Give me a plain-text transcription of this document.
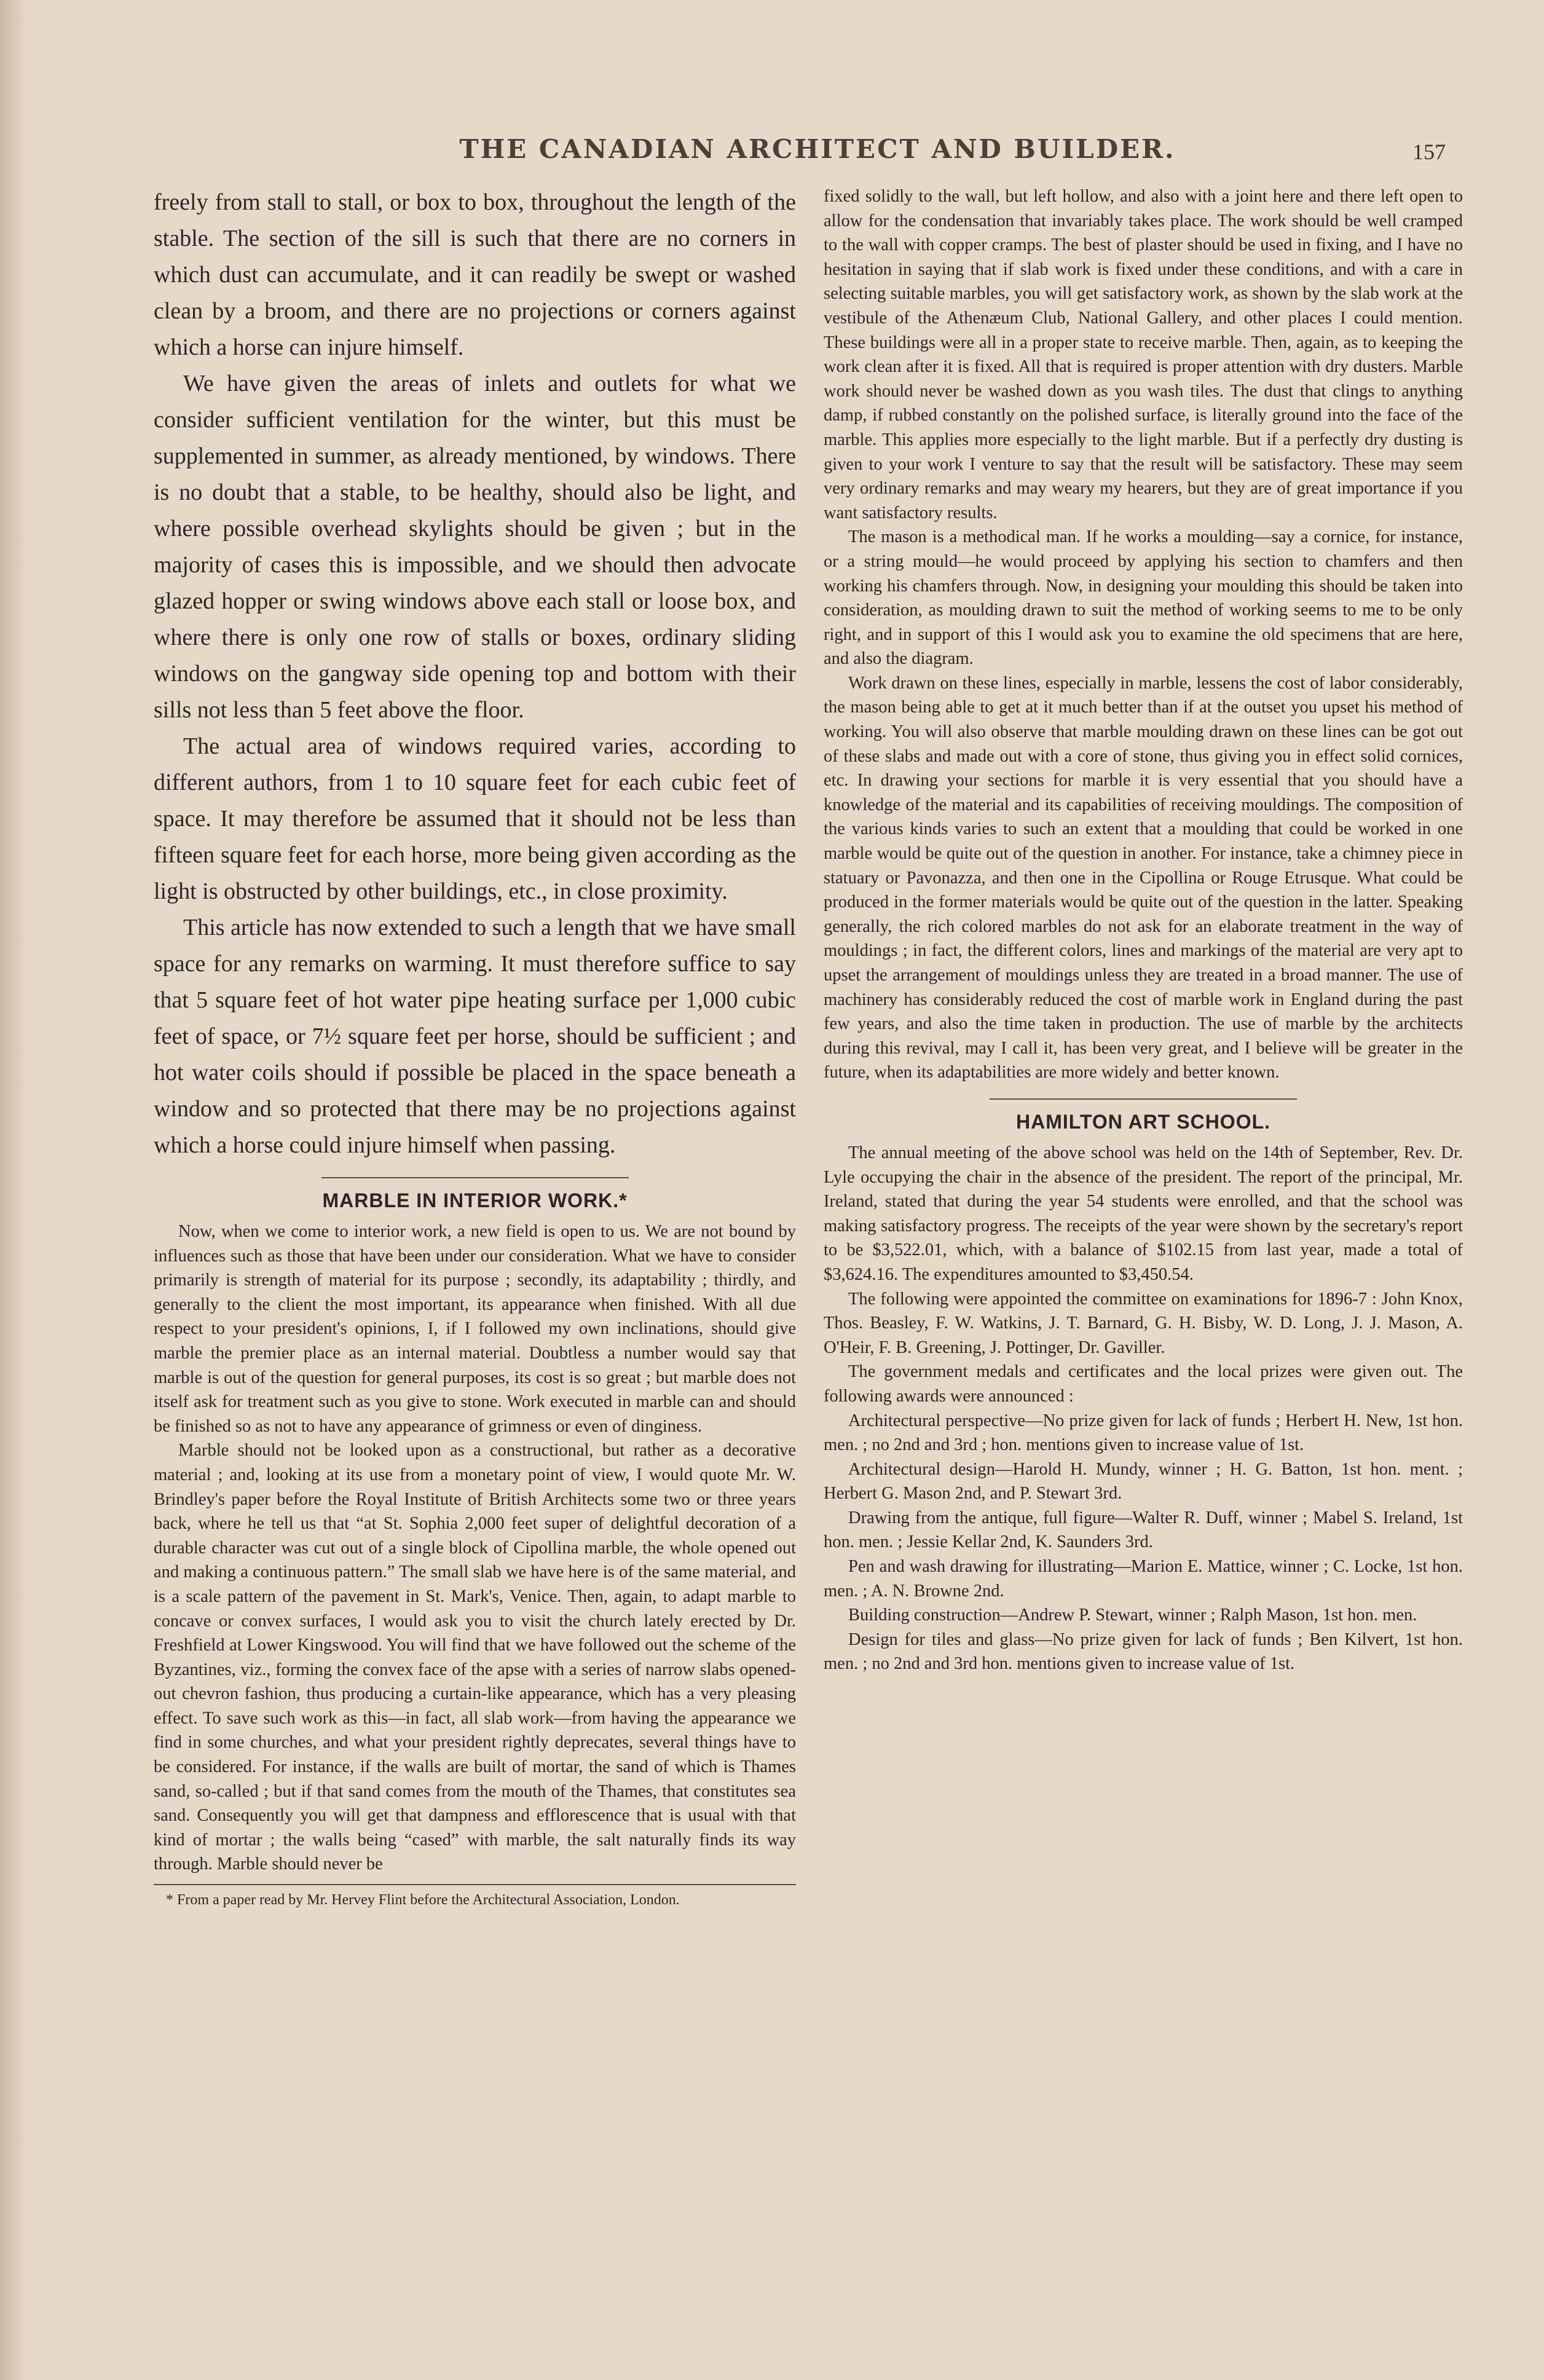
THE CANADIAN ARCHITECT AND BUILDER.	157

freely from stall to stall, or box to box, throughout the length of the stable. The section of the sill is such that there are no corners in which dust can accumulate, and it can readily be swept or washed clean by a broom, and there are no projections or corners against which a horse can injure himself.

We have given the areas of inlets and outlets for what we consider sufficient ventilation for the winter, but this must be supplemented in summer, as already mentioned, by windows. There is no doubt that a stable, to be healthy, should also be light, and where possible overhead skylights should be given ; but in the majority of cases this is impossible, and we should then advocate glazed hopper or swing windows above each stall or loose box, and where there is only one row of stalls or boxes, ordinary sliding windows on the gangway side opening top and bottom with their sills not less than 5 feet above the floor.

The actual area of windows required varies, according to different authors, from 1 to 10 square feet for each cubic feet of space. It may therefore be assumed that it should not be less than fifteen square feet for each horse, more being given according as the light is obstructed by other buildings, etc., in close proximity.

This article has now extended to such a length that we have small space for any remarks on warming. It must therefore suffice to say that 5 square feet of hot water pipe heating surface per 1,000 cubic feet of space, or 7½ square feet per horse, should be sufficient ; and hot water coils should if possible be placed in the space beneath a window and so protected that there may be no projections against which a horse could injure himself when passing.

MARBLE IN INTERIOR WORK.*

Now, when we come to interior work, a new field is open to us. We are not bound by influences such as those that have been under our consideration. What we have to consider primarily is strength of material for its purpose ; secondly, its adaptability ; thirdly, and generally to the client the most important, its appearance when finished. With all due respect to your president's opinions, I, if I followed my own inclinations, should give marble the premier place as an internal material. Doubtless a number would say that marble is out of the question for general purposes, its cost is so great ; but marble does not itself ask for treatment such as you give to stone. Work executed in marble can and should be finished so as not to have any appearance of grimness or even of dinginess.

Marble should not be looked upon as a constructional, but rather as a decorative material ; and, looking at its use from a monetary point of view, I would quote Mr. W. Brindley's paper before the Royal Institute of British Architects some two or three years back, where he tell us that “at St. Sophia 2,000 feet super of delightful decoration of a durable character was cut out of a single block of Cipollina marble, the whole opened out and making a continuous pattern.” The small slab we have here is of the same material, and is a scale pattern of the pavement in St. Mark's, Venice. Then, again, to adapt marble to concave or convex surfaces, I would ask you to visit the church lately erected by Dr. Freshfield at Lower Kingswood. You will find that we have followed out the scheme of the Byzantines, viz., forming the convex face of the apse with a series of narrow slabs opened-out chevron fashion, thus producing a curtain-like appearance, which has a very pleasing effect. To save such work as this—in fact, all slab work—from having the appearance we find in some churches, and what your president rightly deprecates, several things have to be considered. For instance, if the walls are built of mortar, the sand of which is Thames sand, so-called ; but if that sand comes from the mouth of the Thames, that constitutes sea sand. Consequently you will get that dampness and efflorescence that is usual with that kind of mortar ; the walls being “cased” with marble, the salt naturally finds its way through. Marble should never be

* From a paper read by Mr. Hervey Flint before the Architectural Association, London.

fixed solidly to the wall, but left hollow, and also with a joint here and there left open to allow for the condensation that invariably takes place. The work should be well cramped to the wall with copper cramps. The best of plaster should be used in fixing, and I have no hesitation in saying that if slab work is fixed under these conditions, and with a care in selecting suitable marbles, you will get satisfactory work, as shown by the slab work at the vestibule of the Athenæum Club, National Gallery, and other places I could mention. These buildings were all in a proper state to receive marble. Then, again, as to keeping the work clean after it is fixed. All that is required is proper attention with dry dusters. Marble work should never be washed down as you wash tiles. The dust that clings to anything damp, if rubbed constantly on the polished surface, is literally ground into the face of the marble. This applies more especially to the light marble. But if a perfectly dry dusting is given to your work I venture to say that the result will be satisfactory. These may seem very ordinary remarks and may weary my hearers, but they are of great importance if you want satisfactory results.

The mason is a methodical man. If he works a moulding—say a cornice, for instance, or a string mould—he would proceed by applying his section to chamfers and then working his chamfers through. Now, in designing your moulding this should be taken into consideration, as moulding drawn to suit the method of working seems to me to be only right, and in support of this I would ask you to examine the old specimens that are here, and also the diagram.

Work drawn on these lines, especially in marble, lessens the cost of labor considerably, the mason being able to get at it much better than if at the outset you upset his method of working. You will also observe that marble moulding drawn on these lines can be got out of these slabs and made out with a core of stone, thus giving you in effect solid cornices, etc. In drawing your sections for marble it is very essential that you should have a knowledge of the material and its capabilities of receiving mouldings. The composition of the various kinds varies to such an extent that a moulding that could be worked in one marble would be quite out of the question in another. For instance, take a chimney piece in statuary or Pavonazza, and then one in the Cipollina or Rouge Etrusque. What could be produced in the former materials would be quite out of the question in the latter. Speaking generally, the rich colored marbles do not ask for an elaborate treatment in the way of mouldings ; in fact, the different colors, lines and markings of the material are very apt to upset the arrangement of mouldings unless they are treated in a broad manner. The use of machinery has considerably reduced the cost of marble work in England during the past few years, and also the time taken in production. The use of marble by the architects during this revival, may I call it, has been very great, and I believe will be greater in the future, when its adaptabilities are more widely and better known.

HAMILTON ART SCHOOL.

The annual meeting of the above school was held on the 14th of September, Rev. Dr. Lyle occupying the chair in the absence of the president. The report of the principal, Mr. Ireland, stated that during the year 54 students were enrolled, and that the school was making satisfactory progress. The receipts of the year were shown by the secretary's report to be $3,522.01, which, with a balance of $102.15 from last year, made a total of $3,624.16. The expenditures amounted to $3,450.54.

The following were appointed the committee on examinations for 1896-7 : John Knox, Thos. Beasley, F. W. Watkins, J. T. Barnard, G. H. Bisby, W. D. Long, J. J. Mason, A. O'Heir, F. B. Greening, J. Pottinger, Dr. Gaviller.

The government medals and certificates and the local prizes were given out. The following awards were announced :

Architectural perspective—No prize given for lack of funds ; Herbert H. New, 1st hon. men. ; no 2nd and 3rd ; hon. mentions given to increase value of 1st.

Architectural design—Harold H. Mundy, winner ; H. G. Batton, 1st hon. ment. ; Herbert G. Mason 2nd, and P. Stewart 3rd.

Drawing from the antique, full figure—Walter R. Duff, winner ; Mabel S. Ireland, 1st hon. men. ; Jessie Kellar 2nd, K. Saunders 3rd.

Pen and wash drawing for illustrating—Marion E. Mattice, winner ; C. Locke, 1st hon. men. ; A. N. Browne 2nd.

Building construction—Andrew P. Stewart, winner ; Ralph Mason, 1st hon. men.

Design for tiles and glass—No prize given for lack of funds ; Ben Kilvert, 1st hon. men. ; no 2nd and 3rd hon. mentions given to increase value of 1st.
